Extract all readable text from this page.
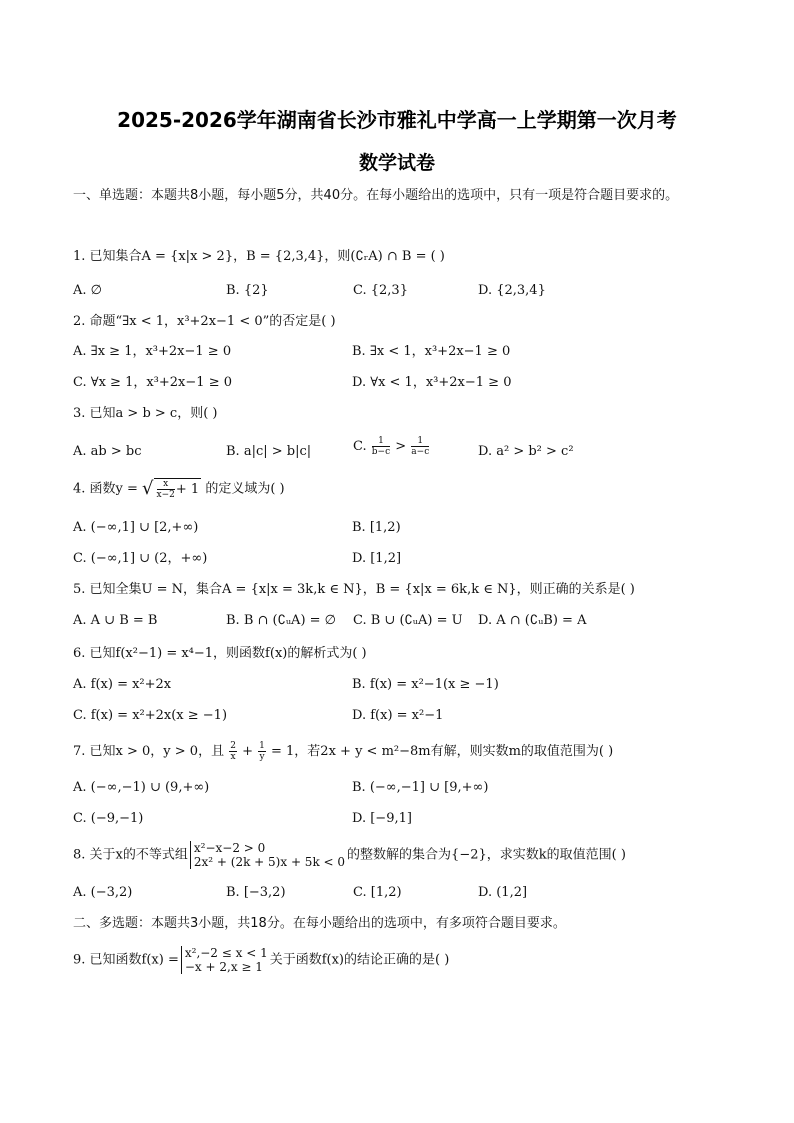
2025-2026学年湖南省长沙市雅礼中学高一上学期第一次月考
数学试卷
一、单选题：本题共8小题，每小题5分，共40分。在每小题给出的选项中，只有一项是符合题目要求的。
1. 已知集合A = {x|x > 2}，B = {2,3,4}，则(∁ᵣA) ∩ B = ( )
A. ∅	B. {2}	C. {2,3}	D. {2,3,4}
2. 命题“∃x < 1，x³+2x−1 < 0”的否定是( )
A. ∃x ≥ 1，x³+2x−1 ≥ 0	B. ∃x < 1，x³+2x−1 ≥ 0
C. ∀x ≥ 1，x³+2x−1 ≥ 0	D. ∀x < 1，x³+2x−1 ≥ 0
3. 已知a > b > c，则( )
A. ab > bc	B. a|c| > b|c|	C. $\frac{1}{b-c} > \frac{1}{a-c}$	D. a² > b² > c²
4. 函数y = √ $\frac{x}{x-2} + 1$ 的定义域为( )
A. (−∞,1] ∪ [2,+∞)	B. [1,2)
C. (−∞,1] ∪ (2，+∞)	D. [1,2]
5. 已知全集U = N，集合A = {x|x = 3k,k ∈ N}，B = {x|x = 6k,k ∈ N}，则正确的关系是( )
A. A ∪ B = B	B. B ∩ (∁ᵤA) = ∅ C. B ∪ (∁ᵤA) = U D. A ∩ (∁ᵤB) = A
6. 已知f(x²−1) = x⁴−1，则函数f(x)的解析式为( )
A. f(x) = x²+2x	B. f(x) = x²−1(x ≥ −1)
C. f(x) = x²+2x(x ≥ −1)	D. f(x) = x²−1
7. 已知x > 0，y > 0，且 $\frac{2}{x} + \frac{1}{y} = 1$，若2x + y < m²−8m有解，则实数m的取值范围为( )
A. (−∞,−1) ∪ (9,+∞)	B. (−∞,−1] ∪ [9,+∞)
C. (−9,−1)	D. [−9,1]
8. 关于x的不等式组 x²−x−2 > 0
2x² + (2k + 5)x + 5k < 0 的整数解的集合为{−2}，求实数k的取值范围( )
A. (−3,2)	B. [−3,2)	C. [1,2)	D. (1,2]
二、多选题：本题共3小题，共18分。在每小题给出的选项中，有多项符合题目要求。
9. 已知函数f(x) = x²,−2 ≤ x < 1
−x + 2,x ≥ 1 关于函数f(x)的结论正确的是( )
